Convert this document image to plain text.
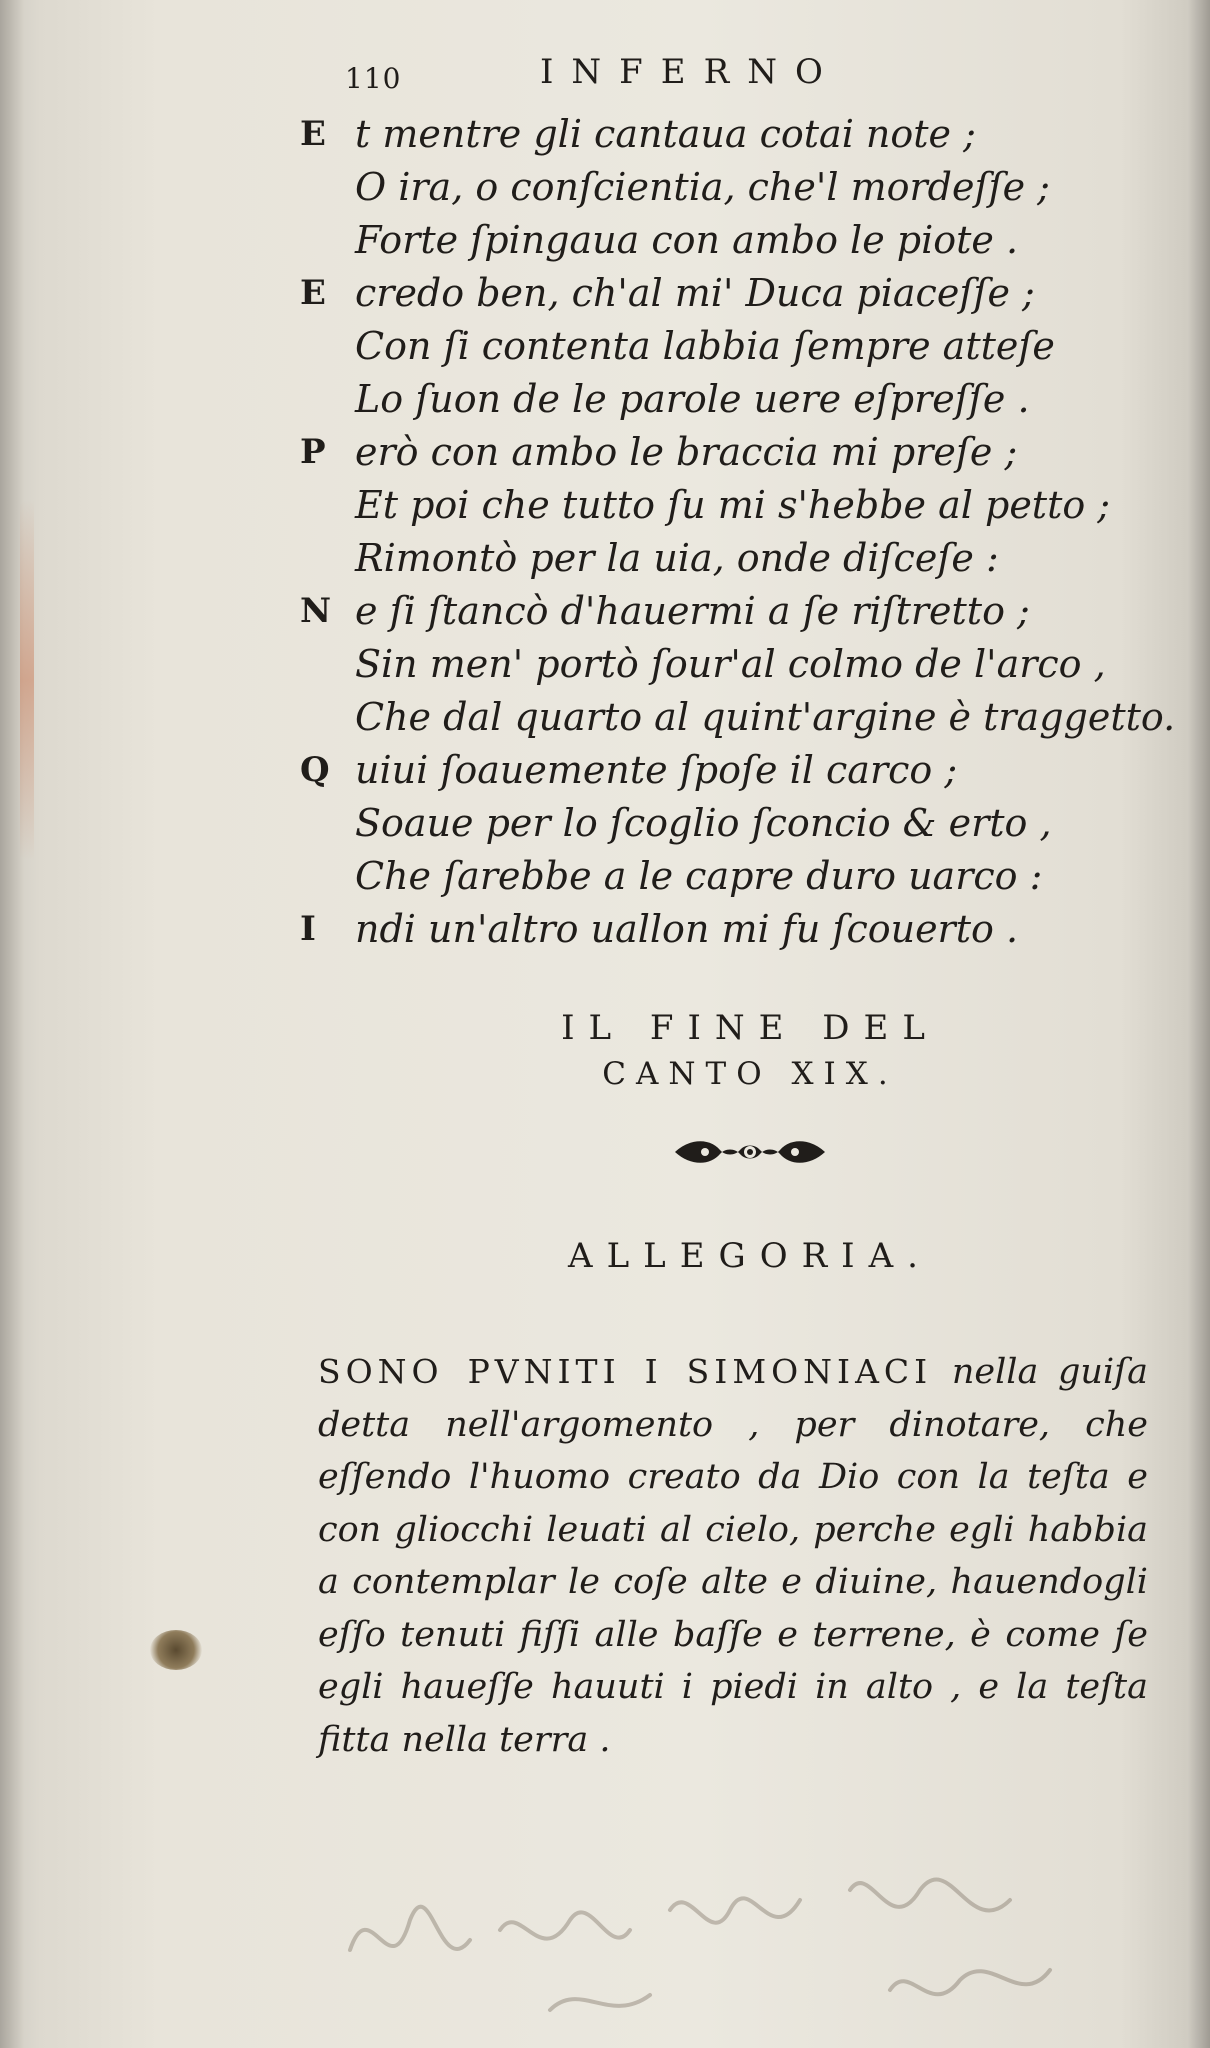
110	INFERNO
E t mentre gli cantaua cotai note ;
O ira, o conſcientia, che'l mordeſſe ;
Forte ſpingaua con ambo le piote .
E credo ben, ch'al mi' Duca piaceſſe ;
Con ſi contenta labbia ſempre atteſe
Lo ſuon de le parole uere eſpreſſe .
P erò con ambo le braccia mi preſe ;
Et poi che tutto ſu mi s'hebbe al petto ;
Rimontò per la uia, onde diſceſe :
N e ſi ſtancò d'hauermi a ſe riſtretto ;
Sin men' portò ſour'al colmo de l'arco ,
Che dal quarto al quint'argine è traggetto.
Q uiui ſoauemente ſpoſe il carco ;
Soaue per lo ſcoglio ſconcio & erto ,
Che ſarebbe a le capre duro uarco :
I ndi un'altro uallon mi fu ſcouerto .
IL FINE DEL
CANTO XIX.
ALLEGORIA.
SONO PVNITI I SIMONIACI nella guiſa detta nell'argomento , per dinotare, che eſſendo l'huomo creato da Dio con la teſta e con gliocchi leuati al cielo, perche egli habbia a contemplar le coſe alte e diuine, hauendogli eſſo tenuti fiſſi alle baſſe e terrene, è come ſe egli haueſſe hauuti i piedi in alto , e la teſta fitta nella terra .
